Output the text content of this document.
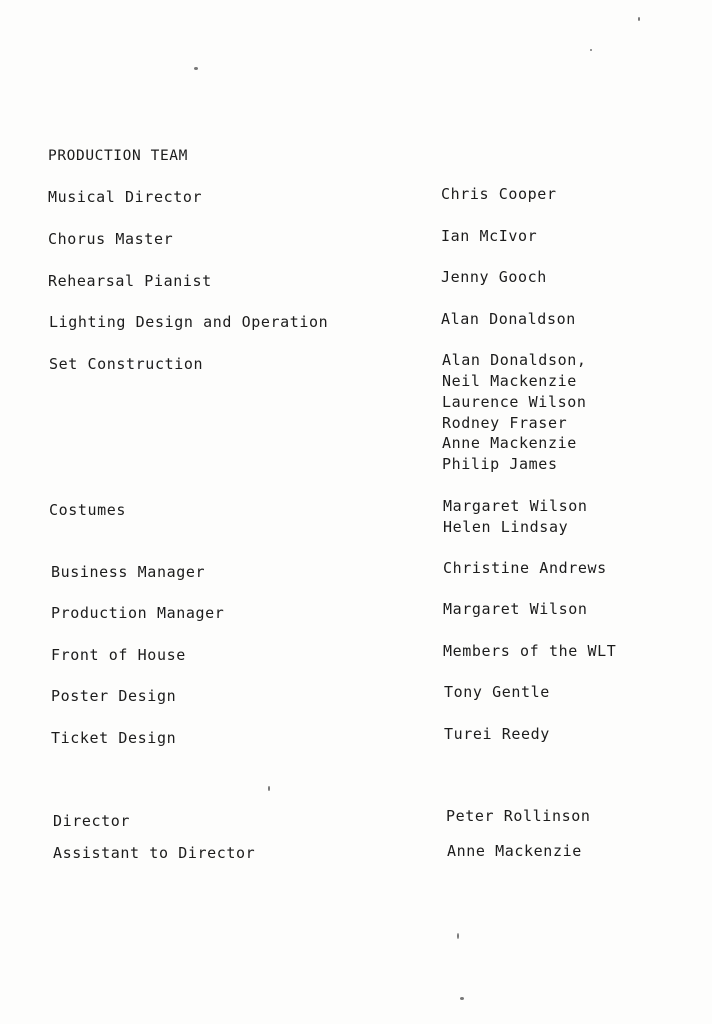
PRODUCTION TEAM
Musical Director	Chris Cooper
Chorus Master	Ian McIvor
Rehearsal Pianist	Jenny Gooch
Lighting Design and Operation	Alan Donaldson
Set Construction	Alan Donaldson,
Neil Mackenzie
Laurence Wilson
Rodney Fraser
Anne Mackenzie
Philip James
Costumes	Margaret Wilson
Helen Lindsay
Business Manager	Christine Andrews
Production Manager	Margaret Wilson
Front of House	Members of the WLT
Poster Design	Tony Gentle
Ticket Design	Turei Reedy
Director	Peter Rollinson
Assistant to Director	Anne Mackenzie
